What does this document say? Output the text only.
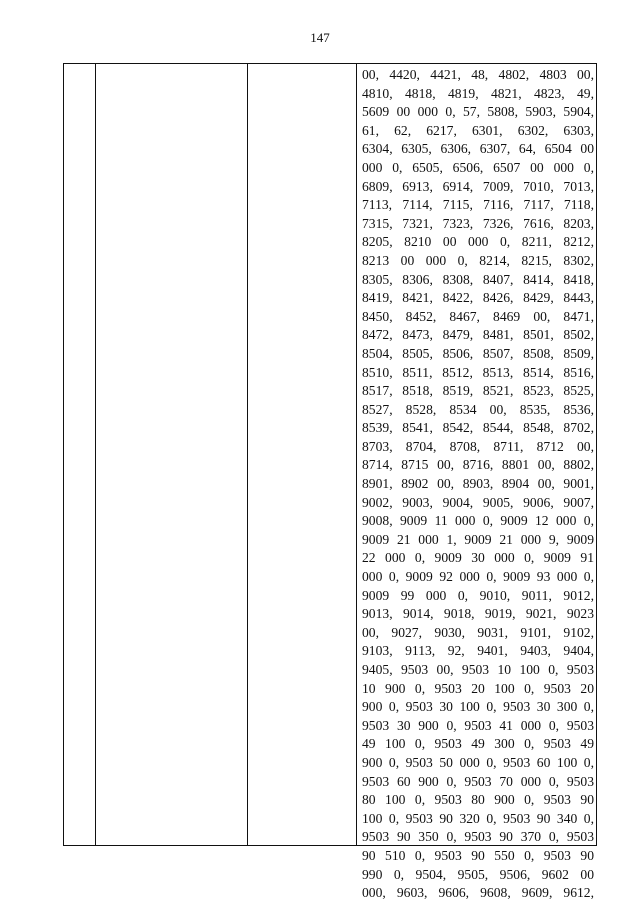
147
00, 4420, 4421, 48, 4802, 4803 00,
4810, 4818, 4819, 4821, 4823, 49,
5609 00 000 0, 57, 5808, 5903, 5904,
61, 62, 6217, 6301, 6302, 6303,
6304, 6305, 6306, 6307, 64, 6504 00
000 0, 6505, 6506, 6507 00 000 0,
6809, 6913, 6914, 7009, 7010, 7013,
7113, 7114, 7115, 7116, 7117, 7118,
7315, 7321, 7323, 7326, 7616, 8203,
8205, 8210 00 000 0, 8211, 8212,
8213 00 000 0, 8214, 8215, 8302,
8305, 8306, 8308, 8407, 8414, 8418,
8419, 8421, 8422, 8426, 8429, 8443,
8450, 8452, 8467, 8469 00, 8471,
8472, 8473, 8479, 8481, 8501, 8502,
8504, 8505, 8506, 8507, 8508, 8509,
8510, 8511, 8512, 8513, 8514, 8516,
8517, 8518, 8519, 8521, 8523, 8525,
8527, 8528, 8534 00, 8535, 8536,
8539, 8541, 8542, 8544, 8548, 8702,
8703, 8704, 8708, 8711, 8712 00,
8714, 8715 00, 8716, 8801 00, 8802,
8901, 8902 00, 8903, 8904 00, 9001,
9002, 9003, 9004, 9005, 9006, 9007,
9008, 9009 11 000 0, 9009 12 000 0,
9009 21 000 1, 9009 21 000 9, 9009
22 000 0, 9009 30 000 0, 9009 91
000 0, 9009 92 000 0, 9009 93 000 0,
9009 99 000 0, 9010, 9011, 9012,
9013, 9014, 9018, 9019, 9021, 9023
00, 9027, 9030, 9031, 9101, 9102,
9103, 9113, 92, 9401, 9403, 9404,
9405, 9503 00, 9503 10 100 0, 9503
10 900 0, 9503 20 100 0, 9503 20
900 0, 9503 30 100 0, 9503 30 300 0,
9503 30 900 0, 9503 41 000 0, 9503
49 100 0, 9503 49 300 0, 9503 49
900 0, 9503 50 000 0, 9503 60 100 0,
9503 60 900 0, 9503 70 000 0, 9503
80 100 0, 9503 80 900 0, 9503 90
100 0, 9503 90 320 0, 9503 90 340 0,
9503 90 350 0, 9503 90 370 0, 9503
90 510 0, 9503 90 550 0, 9503 90
990 0, 9504, 9505, 9506, 9602 00
000, 9603, 9606, 9608, 9609, 9612,
